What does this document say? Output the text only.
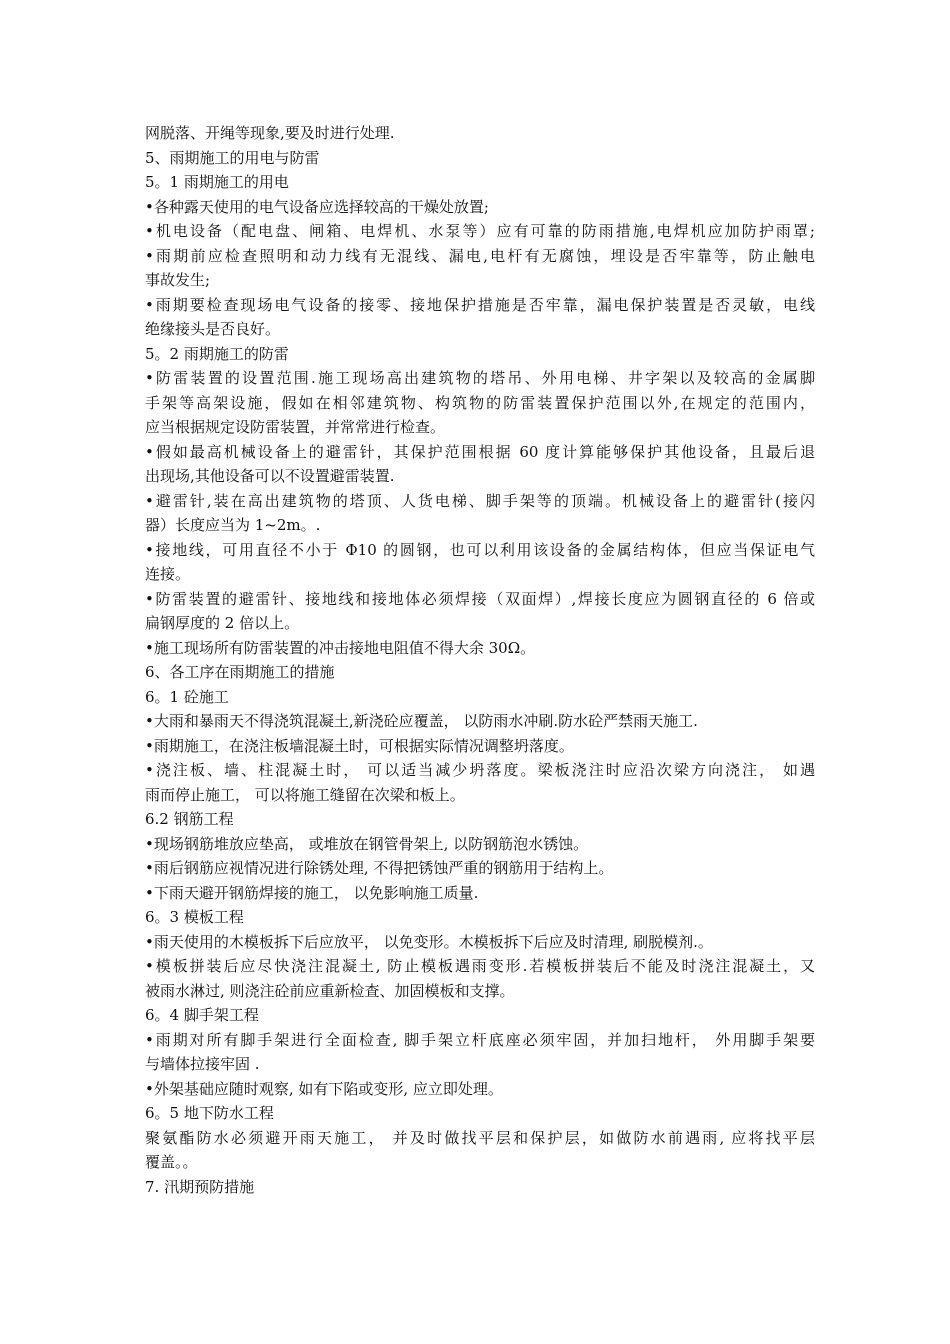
网脱落、开绳等现象,要及时进行处理.
5、雨期施工的用电与防雷
5。1 雨期施工的用电
•各种露天使用的电气设备应选择较高的干燥处放置;
•机电设备（配电盘、闸箱、电焊机、水泵等）应有可靠的防雨措施,电焊机应加防护雨罩;
•雨期前应检查照明和动力线有无混线、漏电,电杆有无腐蚀，埋设是否牢靠等，防止触电
事故发生;
•雨期要检查现场电气设备的接零、接地保护措施是否牢靠，漏电保护装置是否灵敏，电线
绝缘接头是否良好。
5。2 雨期施工的防雷
•防雷装置的设置范围.施工现场高出建筑物的塔吊、外用电梯、井字架以及较高的金属脚
手架等高架设施，假如在相邻建筑物、构筑物的防雷装置保护范围以外,在规定的范围内，
应当根据规定设防雷装置，并常常进行检查。
•假如最高机械设备上的避雷针，其保护范围根据 60 度计算能够保护其他设备，且最后退
出现场,其他设备可以不设置避雷装置.
•避雷针,装在高出建筑物的塔顶、人货电梯、脚手架等的顶端。机械设备上的避雷针(接闪
器）长度应当为 1~2m。.
•接地线，可用直径不小于 Φ10 的圆钢，也可以利用该设备的金属结构体，但应当保证电气
连接。
•防雷装置的避雷针、接地线和接地体必须焊接（双面焊）,焊接长度应为圆钢直径的 6 倍或
扁钢厚度的 2 倍以上。
•施工现场所有防雷装置的冲击接地电阻值不得大余 30Ω。
6、各工序在雨期施工的措施
6。1 砼施工
•大雨和暴雨天不得浇筑混凝土,新浇砼应覆盖， 以防雨水冲刷.防水砼严禁雨天施工.
•雨期施工，在浇注板墙混凝土时，可根据实际情况调整坍落度。
•浇注板、墙、柱混凝土时， 可以适当减少坍落度。梁板浇注时应沿次梁方向浇注， 如遇
雨而停止施工， 可以将施工缝留在次梁和板上。
6.2 钢筋工程
•现场钢筋堆放应垫高， 或堆放在钢管骨架上, 以防钢筋泡水锈蚀。
•雨后钢筋应视情况进行除锈处理, 不得把锈蚀严重的钢筋用于结构上。
•下雨天避开钢筋焊接的施工， 以免影响施工质量.
6。3 模板工程
•雨天使用的木模板拆下后应放平， 以免变形。木模板拆下后应及时清理, 刷脱模剂.。
•模板拼装后应尽快浇注混凝土, 防止模板遇雨变形.若模板拼装后不能及时浇注混凝土，又
被雨水淋过, 则浇注砼前应重新检查、加固模板和支撑。
6。4 脚手架工程
•雨期对所有脚手架进行全面检查, 脚手架立杆底座必须牢固，并加扫地杆， 外用脚手架要
与墙体拉接牢固 .
•外架基础应随时观察, 如有下陷或变形, 应立即处理。
6。5 地下防水工程
聚氨酯防水必须避开雨天施工， 并及时做找平层和保护层，如做防水前遇雨, 应将找平层
覆盖。。
7. 汛期预防措施
